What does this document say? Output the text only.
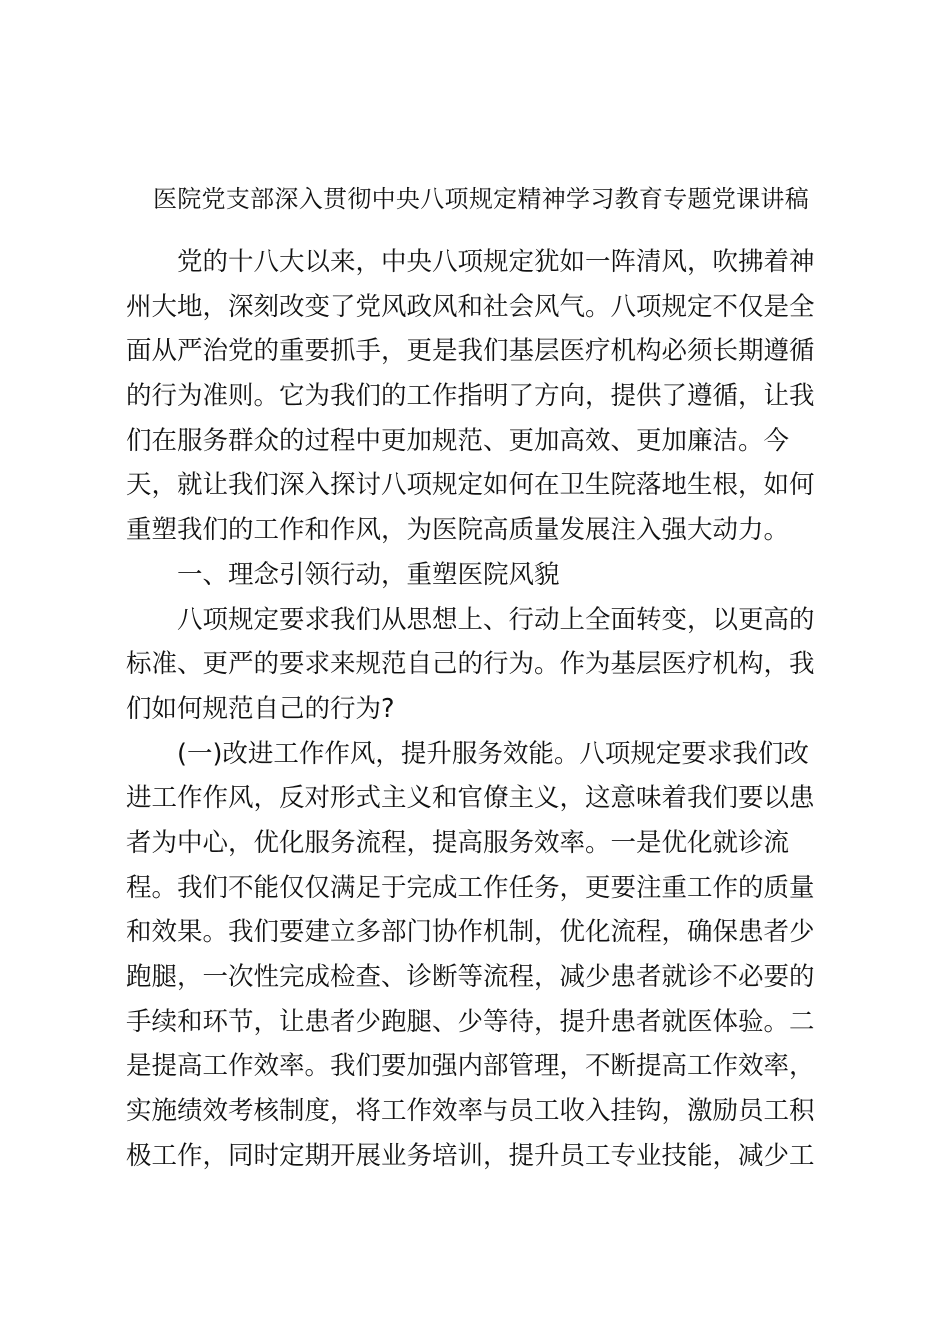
医院党支部深入贯彻中央八项规定精神学习教育专题党课讲稿
党的十八大以来，中央八项规定犹如一阵清风，吹拂着神
州大地，深刻改变了党风政风和社会风气。八项规定不仅是全
面从严治党的重要抓手，更是我们基层医疗机构必须长期遵循
的行为准则。它为我们的工作指明了方向，提供了遵循，让我
们在服务群众的过程中更加规范、更加高效、更加廉洁。今
天，就让我们深入探讨八项规定如何在卫生院落地生根，如何
重塑我们的工作和作风，为医院高质量发展注入强大动力。
一、理念引领行动，重塑医院风貌
八项规定要求我们从思想上、行动上全面转变，以更高的
标准、更严的要求来规范自己的行为。作为基层医疗机构，我
们如何规范自己的行为?
(一)改进工作作风，提升服务效能。八项规定要求我们改
进工作作风，反对形式主义和官僚主义，这意味着我们要以患
者为中心，优化服务流程，提高服务效率。一是优化就诊流
程。我们不能仅仅满足于完成工作任务，更要注重工作的质量
和效果。我们要建立多部门协作机制，优化流程，确保患者少
跑腿，一次性完成检查、诊断等流程，减少患者就诊不必要的
手续和环节，让患者少跑腿、少等待，提升患者就医体验。二
是提高工作效率。我们要加强内部管理，不断提高工作效率，
实施绩效考核制度，将工作效率与员工收入挂钩，激励员工积
极工作，同时定期开展业务培训，提升员工专业技能，减少工
